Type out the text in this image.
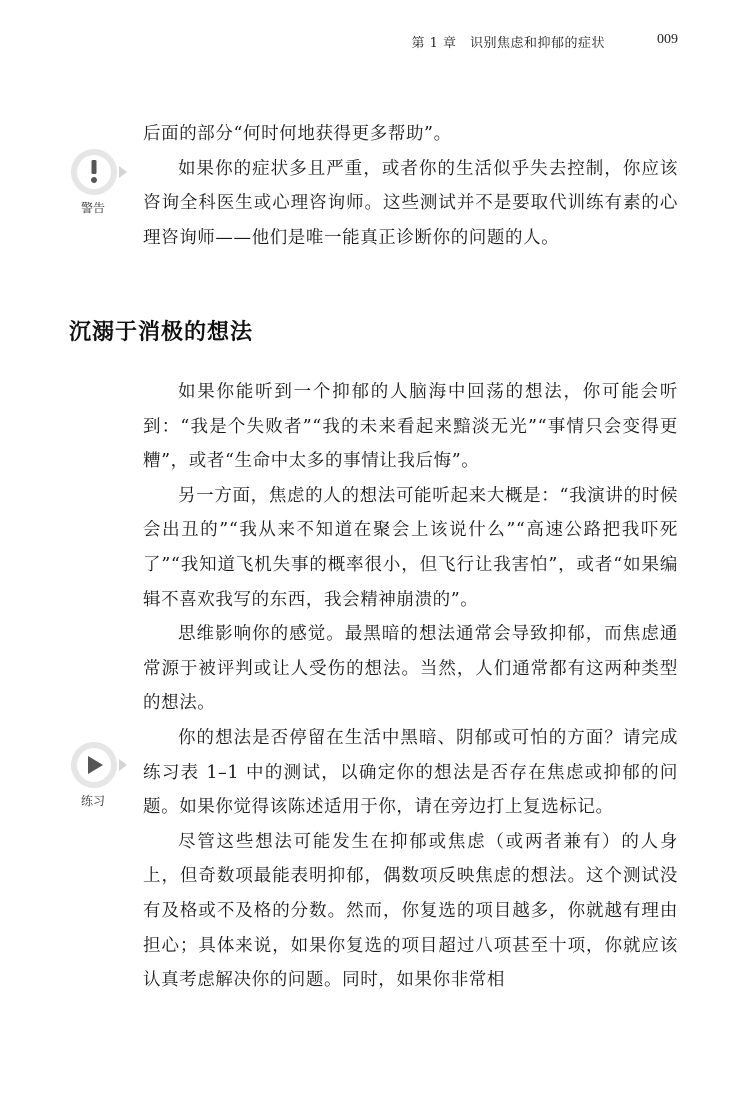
第 1 章　识别焦虑和抑郁的症状	009
警告
练习

后面的部分“何时何地获得更多帮助”。

如果你的症状多且严重，或者你的生活似乎失去控制，你应该咨询全科医生或心理咨询师。这些测试并不是要取代训练有素的心理咨询师——他们是唯一能真正诊断你的问题的人。

沉溺于消极的想法

如果你能听到一个抑郁的人脑海中回荡的想法，你可能会听到：“我是个失败者”“我的未来看起来黯淡无光”“事情只会变得更糟”，或者“生命中太多的事情让我后悔”。

另一方面，焦虑的人的想法可能听起来大概是：“我演讲的时候会出丑的”“我从来不知道在聚会上该说什么”“高速公路把我吓死了”“我知道飞机失事的概率很小，但飞行让我害怕”，或者“如果编辑不喜欢我写的东西，我会精神崩溃的”。

思维影响你的感觉。最黑暗的想法通常会导致抑郁，而焦虑通常源于被评判或让人受伤的想法。当然，人们通常都有这两种类型的想法。

你的想法是否停留在生活中黑暗、阴郁或可怕的方面？请完成练习表 1–1 中的测试，以确定你的想法是否存在焦虑或抑郁的问题。如果你觉得该陈述适用于你，请在旁边打上复选标记。

尽管这些想法可能发生在抑郁或焦虑（或两者兼有）的人身上，但奇数项最能表明抑郁，偶数项反映焦虑的想法。这个测试没有及格或不及格的分数。然而，你复选的项目越多，你就越有理由担心；具体来说，如果你复选的项目超过八项甚至十项，你就应该认真考虑解决你的问题。同时，如果你非常相
